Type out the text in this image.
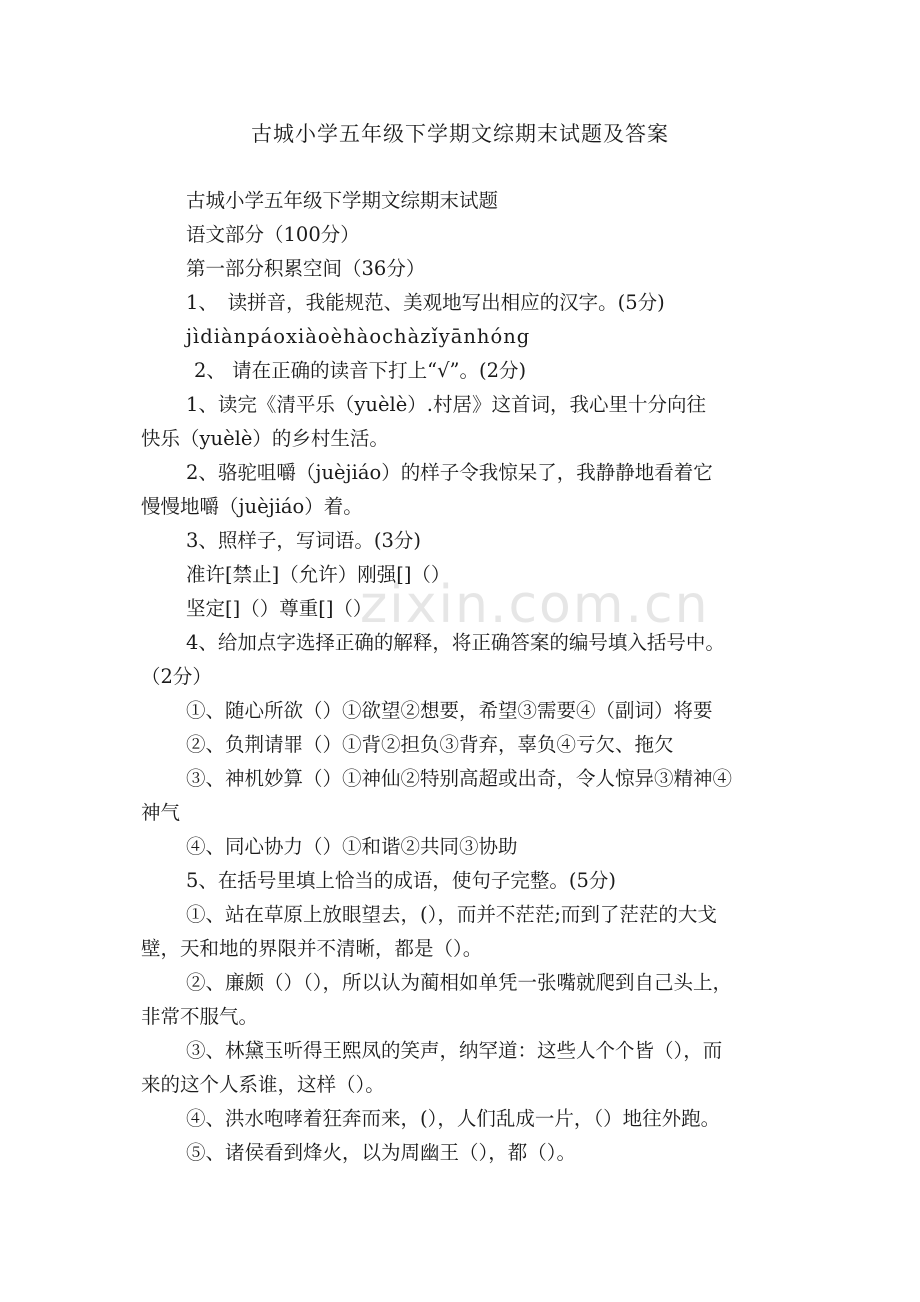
古城小学五年级下学期文综期末试题及答案
zixin.com.cn
古城小学五年级下学期文综期末试题
语文部分（100分）
第一部分积累空间（36分）
1、　读拼音，我能规范、美观地写出相应的汉字。(5分)
jìdiànpáoxiàoèhàochàzǐyānhóng
2、 请在正确的读音下打上“√”。(2分)
1、读完《清平乐（yuèlè）.村居》这首词，我心里十分向往
快乐（yuèlè）的乡村生活。
2、骆驼咀嚼（juèjiáo）的样子令我惊呆了，我静静地看着它
慢慢地嚼（juèjiáo）着。
3、照样子，写词语。(3分)
准许[禁止]（允许）刚强[]（）
坚定[]（）尊重[]（）
4、给加点字选择正确的解释，将正确答案的编号填入括号中。
（2分）
①、随心所欲（）①欲望②想要，希望③需要④（副词）将要
②、负荆请罪（）①背②担负③背弃，辜负④亏欠、拖欠
③、神机妙算（）①神仙②特别高超或出奇，令人惊异③精神④
神气
④、同心协力（）①和谐②共同③协助
5、在括号里填上恰当的成语，使句子完整。(5分)
①、站在草原上放眼望去，(），而并不茫茫;而到了茫茫的大戈
壁，天和地的界限并不清晰，都是（）。
②、廉颇（）（），所以认为蔺相如单凭一张嘴就爬到自己头上，
非常不服气。
③、林黛玉听得王熙凤的笑声，纳罕道：这些人个个皆（），而
来的这个人系谁，这样（）。
④、洪水咆哮着狂奔而来，(），人们乱成一片，（）地往外跑。
⑤、诸侯看到烽火，以为周幽王（），都（）。
